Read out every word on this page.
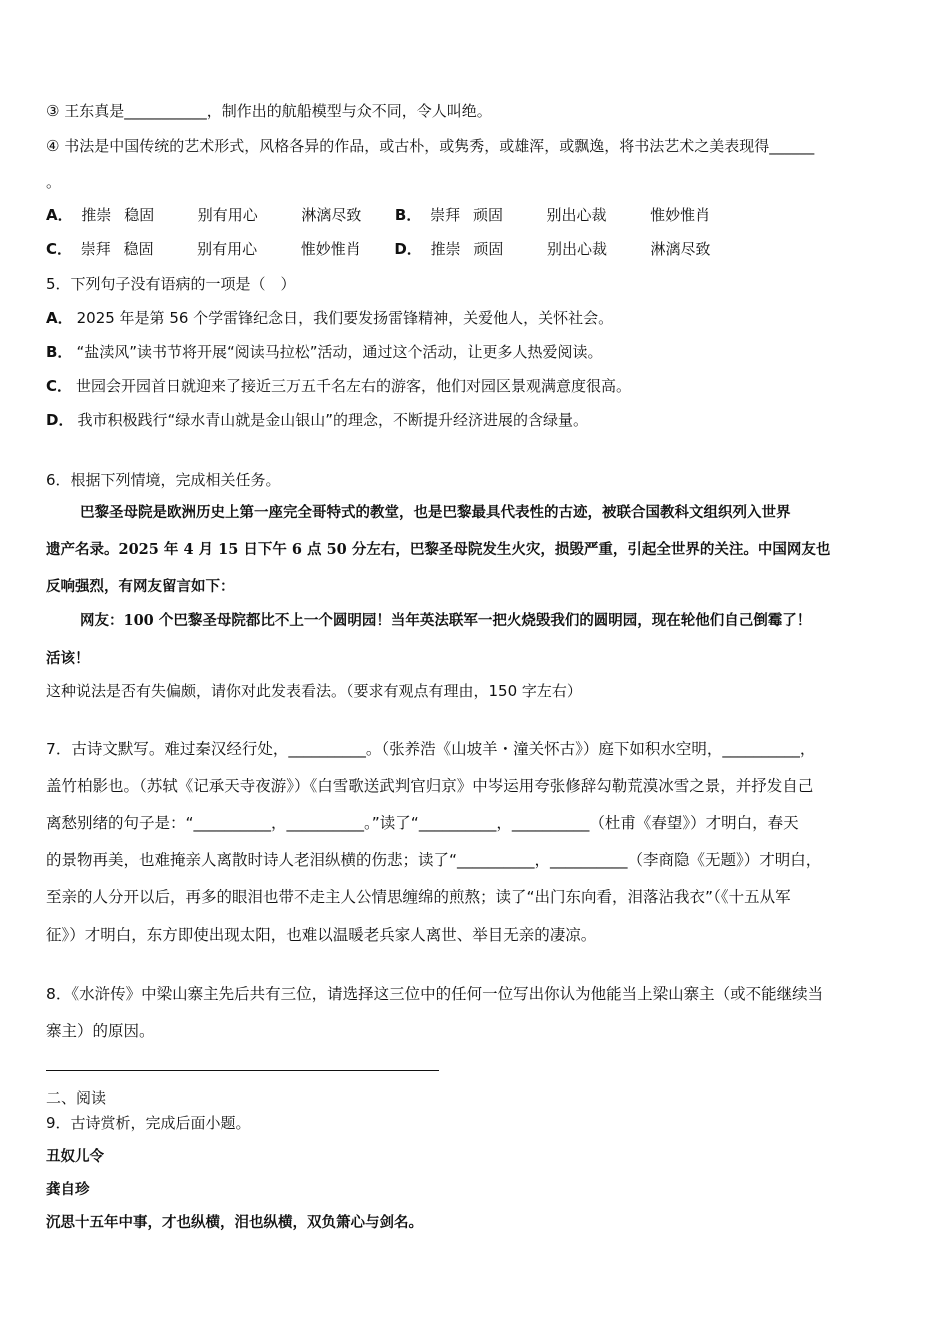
③ 王东真是___________，制作出的航船模型与众不同，令人叫绝。
④ 书法是中国传统的艺术形式，风格各异的作品，或古朴，或隽秀，或雄浑，或飘逸，将书法艺术之美表现得______
。
A． 推崇 稳固	别有用心	淋漓尽致 B． 崇拜 顽固	别出心裁	惟妙惟肖
C． 崇拜 稳固	别有用心	惟妙惟肖 D． 推崇 顽固	别出心裁	淋漓尽致
5．下列句子没有语病的一项是（　）
A． 2025 年是第 56 个学雷锋纪念日，我们要发扬雷锋精神，关爱他人，关怀社会。
B． “盐渎风”读书节将开展“阅读马拉松”活动，通过这个活动，让更多人热爱阅读。
C． 世园会开园首日就迎来了接近三万五千名左右的游客，他们对园区景观满意度很高。
D． 我市积极践行“绿水青山就是金山银山”的理念，不断提升经济进展的含绿量。
6．根据下列情境，完成相关任务。
巴黎圣母院是欧洲历史上第一座完全哥特式的教堂，也是巴黎最具代表性的古迹，被联合国教科文组织列入世界
遗产名录。2025 年 4 月 15 日下午 6 点 50 分左右，巴黎圣母院发生火灾，损毁严重，引起全世界的关注。中国网友也
反响强烈，有网友留言如下：
网友：100 个巴黎圣母院都比不上一个圆明园！当年英法联军一把火烧毁我们的圆明园，现在轮他们自己倒霉了！
活该！
这种说法是否有失偏颇，请你对此发表看法。（要求有观点有理由，150 字左右）
7．古诗文默写。难过秦汉经行处，__________。（张养浩《山坡羊・潼关怀古》）庭下如积水空明，__________，
盖竹柏影也。（苏轼《记承天寺夜游》）《白雪歌送武判官归京》中岑运用夸张修辞勾勒荒漠冰雪之景，并抒发自己
离愁别绪的句子是：“__________，__________。”读了“__________，__________（杜甫《春望》）才明白，春天
的景物再美，也难掩亲人离散时诗人老泪纵横的伤悲；读了“__________，__________（李商隐《无题》）才明白，
至亲的人分开以后，再多的眼泪也带不走主人公情思缠绵的煎熬；读了“出门东向看，泪落沾我衣”（《十五从军
征》）才明白，东方即使出现太阳，也难以温暖老兵家人离世、举目无亲的凄凉。
8．《水浒传》中梁山寨主先后共有三位，请选择这三位中的任何一位写出你认为他能当上梁山寨主（或不能继续当
寨主）的原因。
二、阅读
9．古诗赏析，完成后面小题。
丑奴儿令
龚自珍
沉思十五年中事，才也纵横，泪也纵横，双负箫心与剑名。
